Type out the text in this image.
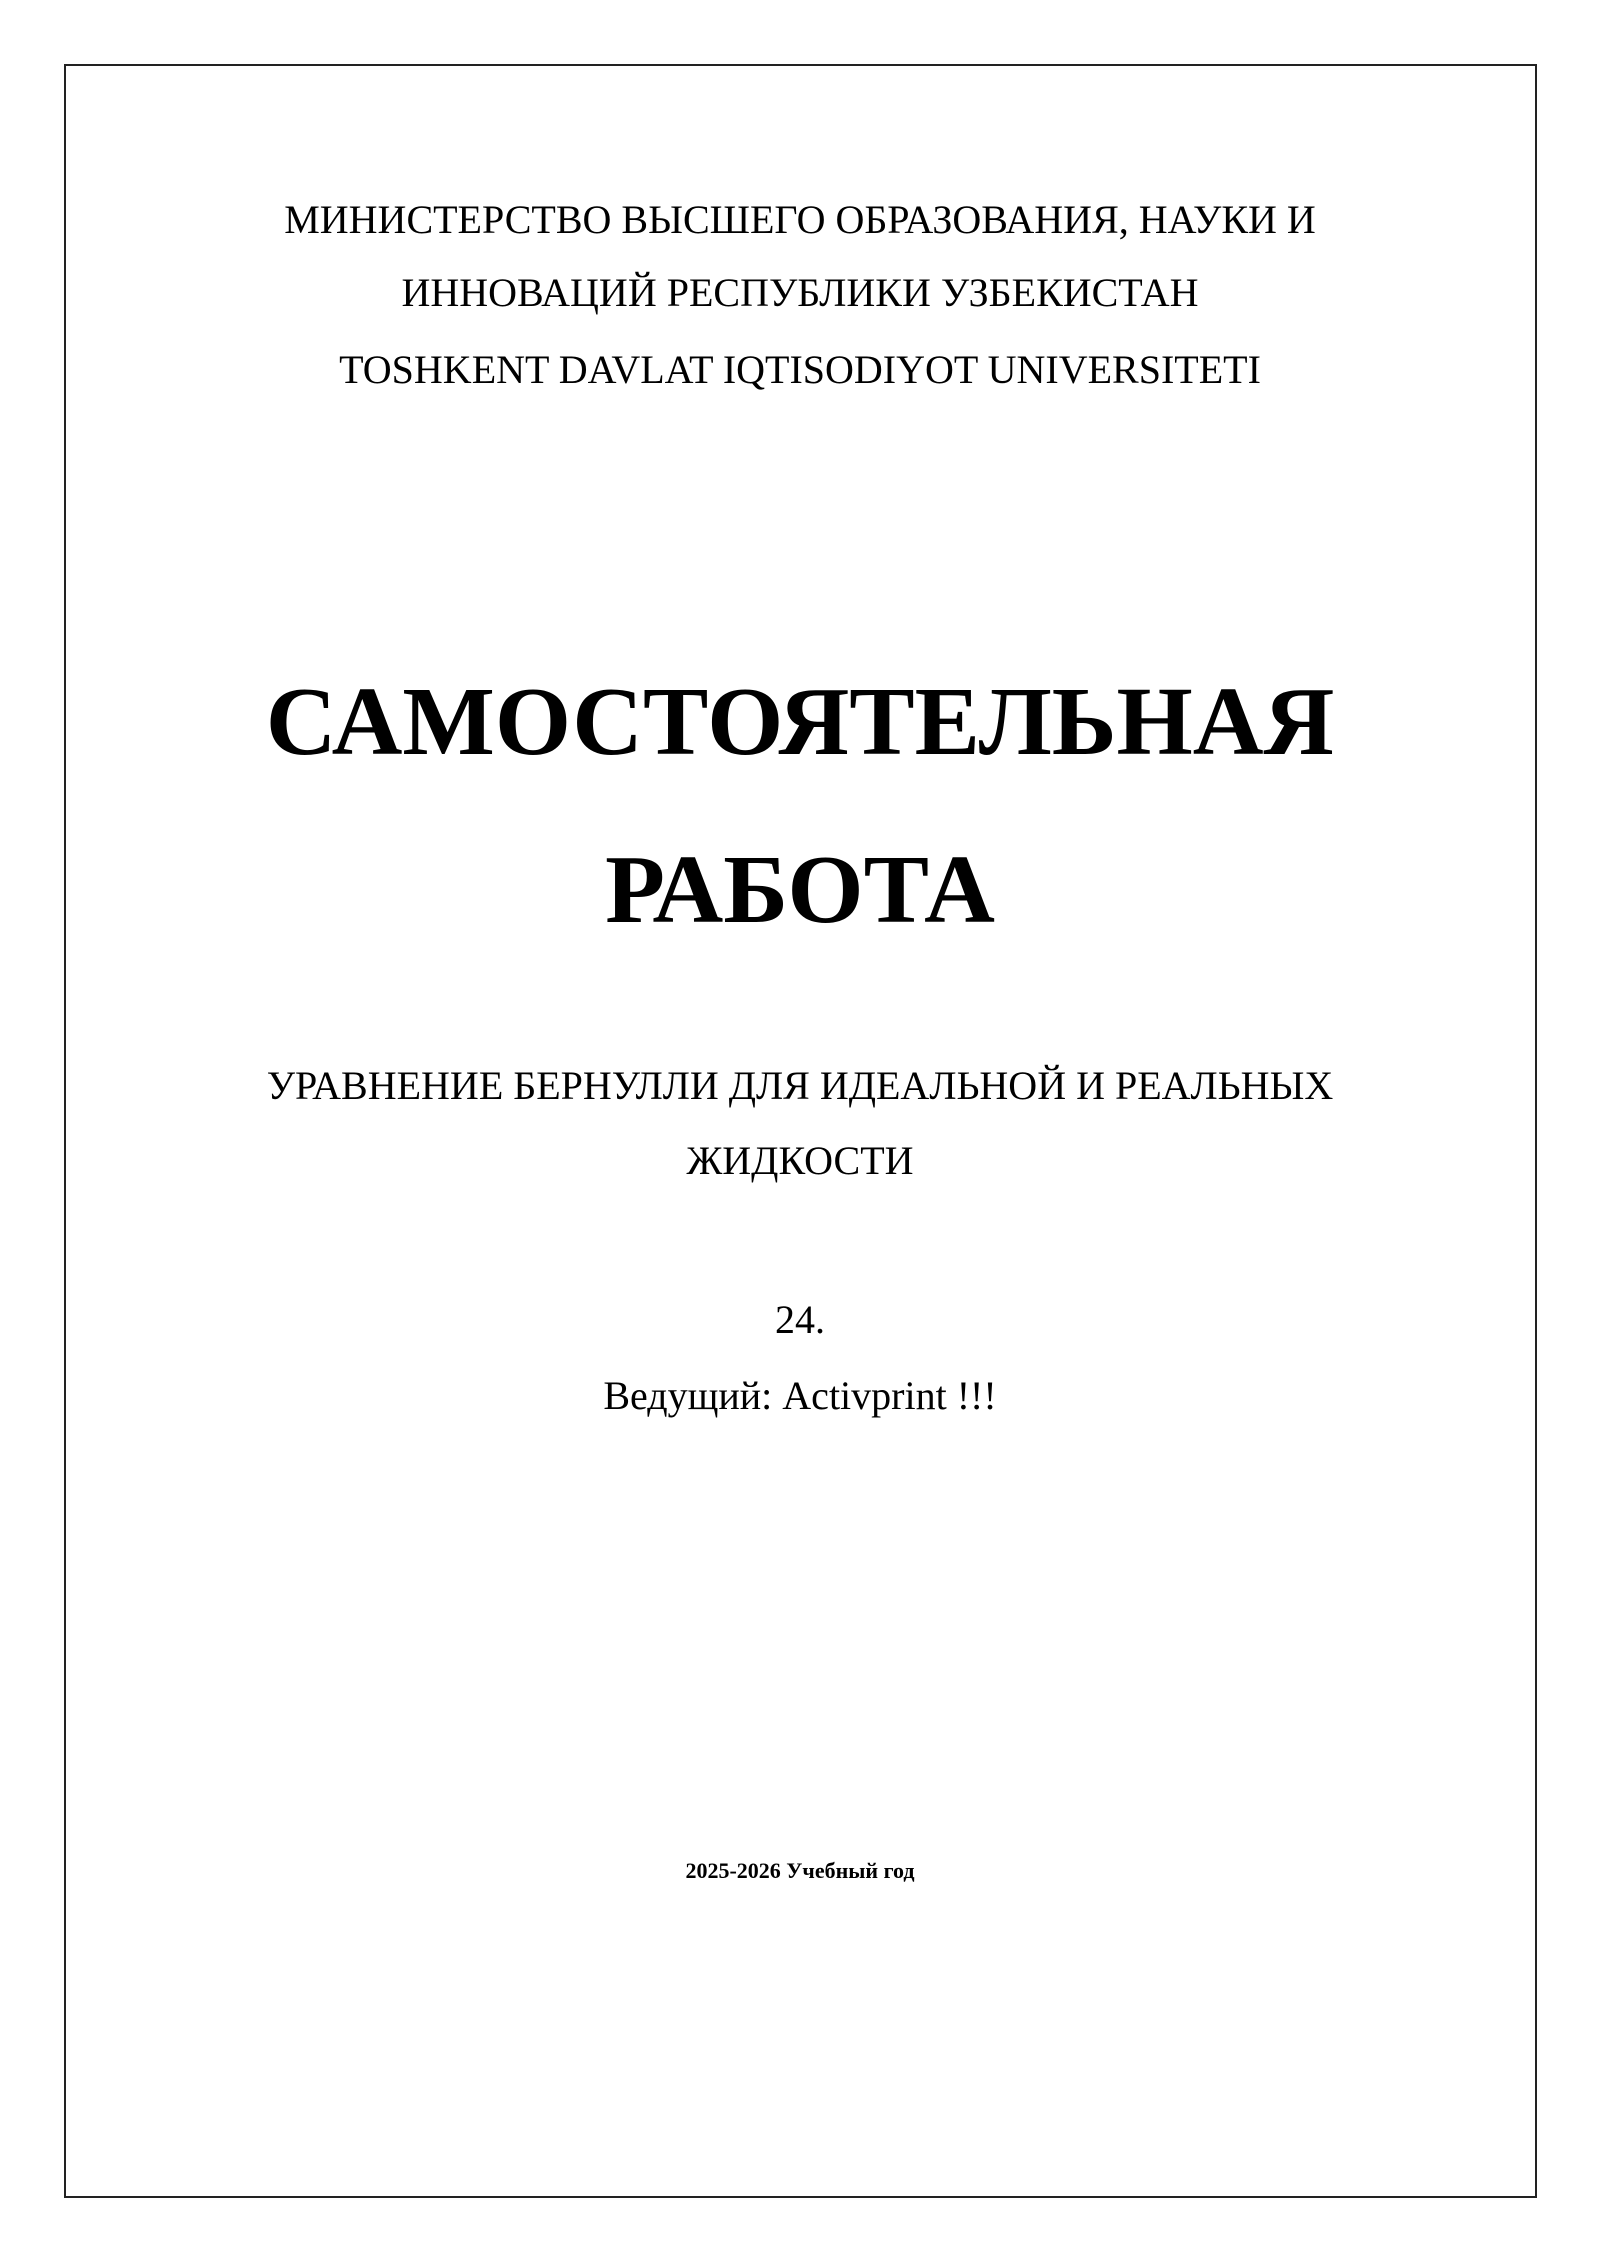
МИНИСТЕРСТВО ВЫСШЕГО ОБРАЗОВАНИЯ, НАУКИ И
ИННОВАЦИЙ РЕСПУБЛИКИ УЗБЕКИСТАН
TOSHKENT DAVLAT IQTISODIYOT UNIVERSITETI
САМОСТОЯТЕЛЬНАЯ
РАБОТА
УРАВНЕНИЕ БЕРНУЛЛИ ДЛЯ ИДЕАЛЬНОЙ И РЕАЛЬНЫХ
ЖИДКОСТИ
24.
Ведущий: Activprint !!!
2025-2026 Учебный год
